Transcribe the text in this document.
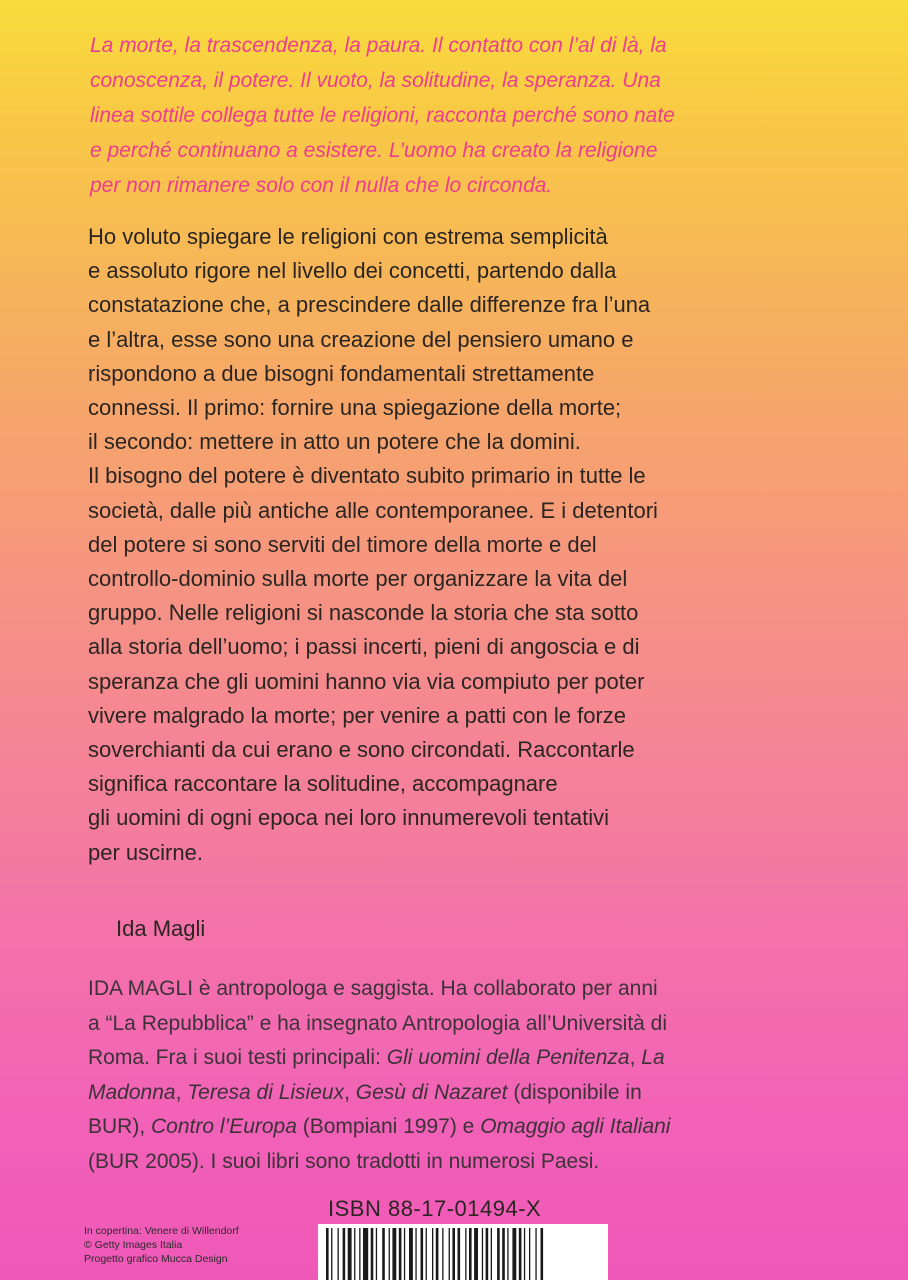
La morte, la trascendenza, la paura. Il contatto con l’al di là, la
conoscenza, il potere. Il vuoto, la solitudine, la speranza. Una
linea sottile collega tutte le religioni, racconta perché sono nate
e perché continuano a esistere. L’uomo ha creato la religione
per non rimanere solo con il nulla che lo circonda.
Ho voluto spiegare le religioni con estrema semplicità
e assoluto rigore nel livello dei concetti, partendo dalla
constatazione che, a prescindere dalle differenze fra l’una
e l’altra, esse sono una creazione del pensiero umano e
rispondono a due bisogni fondamentali strettamente
connessi. Il primo: fornire una spiegazione della morte;
il secondo: mettere in atto un potere che la domini.
Il bisogno del potere è diventato subito primario in tutte le
società, dalle più antiche alle contemporanee. E i detentori
del potere si sono serviti del timore della morte e del
controllo-dominio sulla morte per organizzare la vita del
gruppo. Nelle religioni si nasconde la storia che sta sotto
alla storia dell’uomo; i passi incerti, pieni di angoscia e di
speranza che gli uomini hanno via via compiuto per poter
vivere malgrado la morte; per venire a patti con le forze
soverchianti da cui erano e sono circondati. Raccontarle
significa raccontare la solitudine, accompagnare
gli uomini di ogni epoca nei loro innumerevoli tentativi
per uscirne.
Ida Magli
IDA MAGLI è antropologa e saggista. Ha collaborato per anni
a “La Repubblica” e ha insegnato Antropologia all’Università di
Roma. Fra i suoi testi principali: Gli uomini della Penitenza, La
Madonna, Teresa di Lisieux, Gesù di Nazaret (disponibile in
BUR), Contro l’Europa (Bompiani 1997) e Omaggio agli Italiani
(BUR 2005). I suoi libri sono tradotti in numerosi Paesi.
In copertina: Venere di Willendorf
© Getty Images Italia
Progetto grafico Mucca Design
ISBN 88-17-01494-X
